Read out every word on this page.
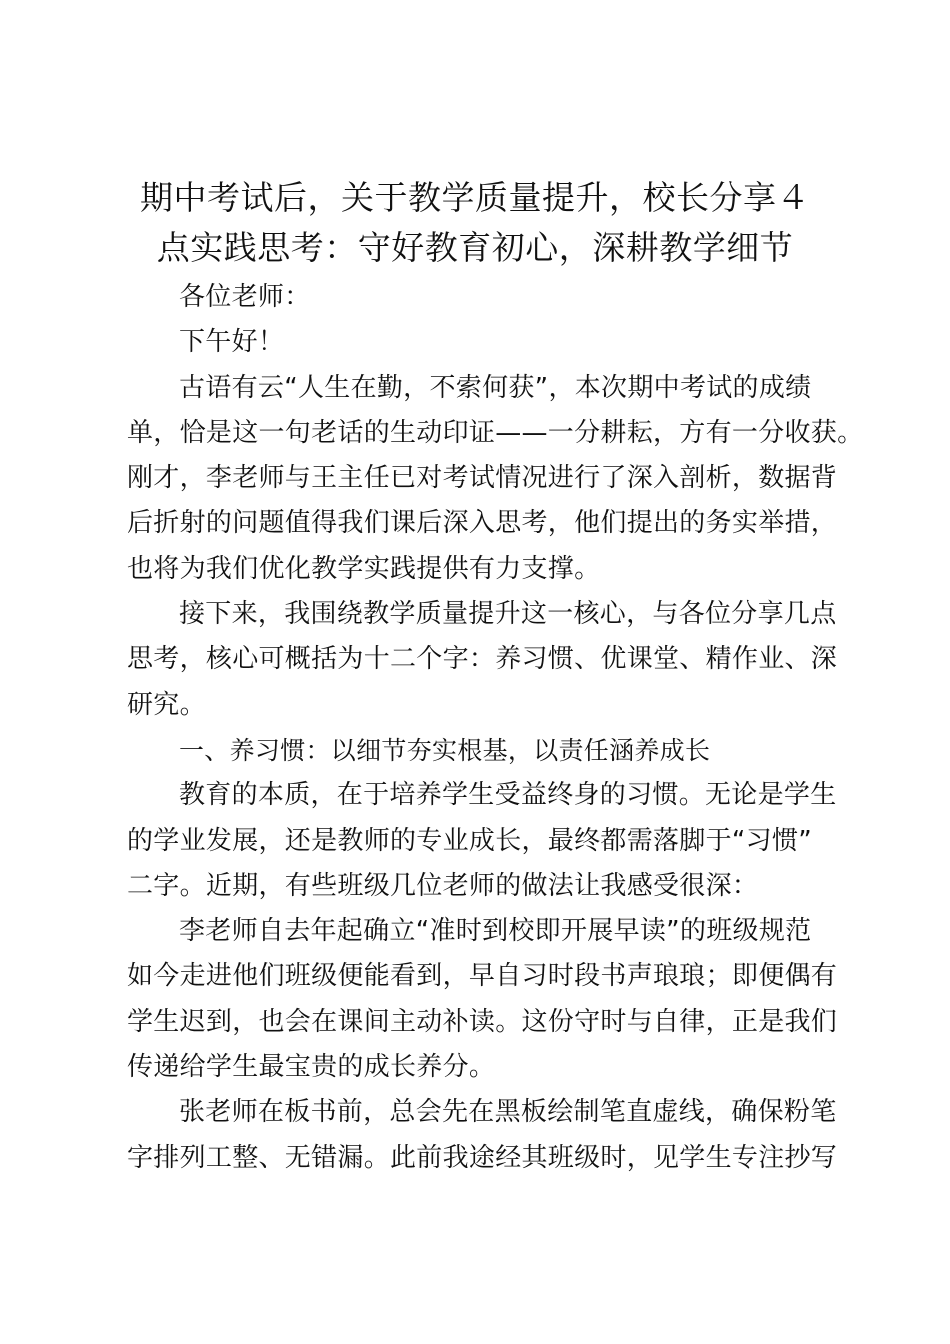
期中考试后，关于教学质量提升，校长分享４
点实践思考：守好教育初心，深耕教学细节
各位老师：
下午好！
古语有云“人生在勤，不索何获”，本次期中考试的成绩
单，恰是这一句老话的生动印证——一分耕耘，方有一分收获。
刚才，李老师与王主任已对考试情况进行了深入剖析，数据背
后折射的问题值得我们课后深入思考，他们提出的务实举措，
也将为我们优化教学实践提供有力支撑。
接下来，我围绕教学质量提升这一核心，与各位分享几点
思考，核心可概括为十二个字：养习惯、优课堂、精作业、深
研究。
一、养习惯：以细节夯实根基，以责任涵养成长
教育的本质，在于培养学生受益终身的习惯。无论是学生
的学业发展，还是教师的专业成长，最终都需落脚于“习惯”
二字。近期，有些班级几位老师的做法让我感受很深：
李老师自去年起确立“准时到校即开展早读”的班级规范
如今走进他们班级便能看到，早自习时段书声琅琅；即便偶有
学生迟到，也会在课间主动补读。这份守时与自律，正是我们
传递给学生最宝贵的成长养分。
张老师在板书前，总会先在黑板绘制笔直虚线，确保粉笔
字排列工整、无错漏。此前我途经其班级时，见学生专注抄写
